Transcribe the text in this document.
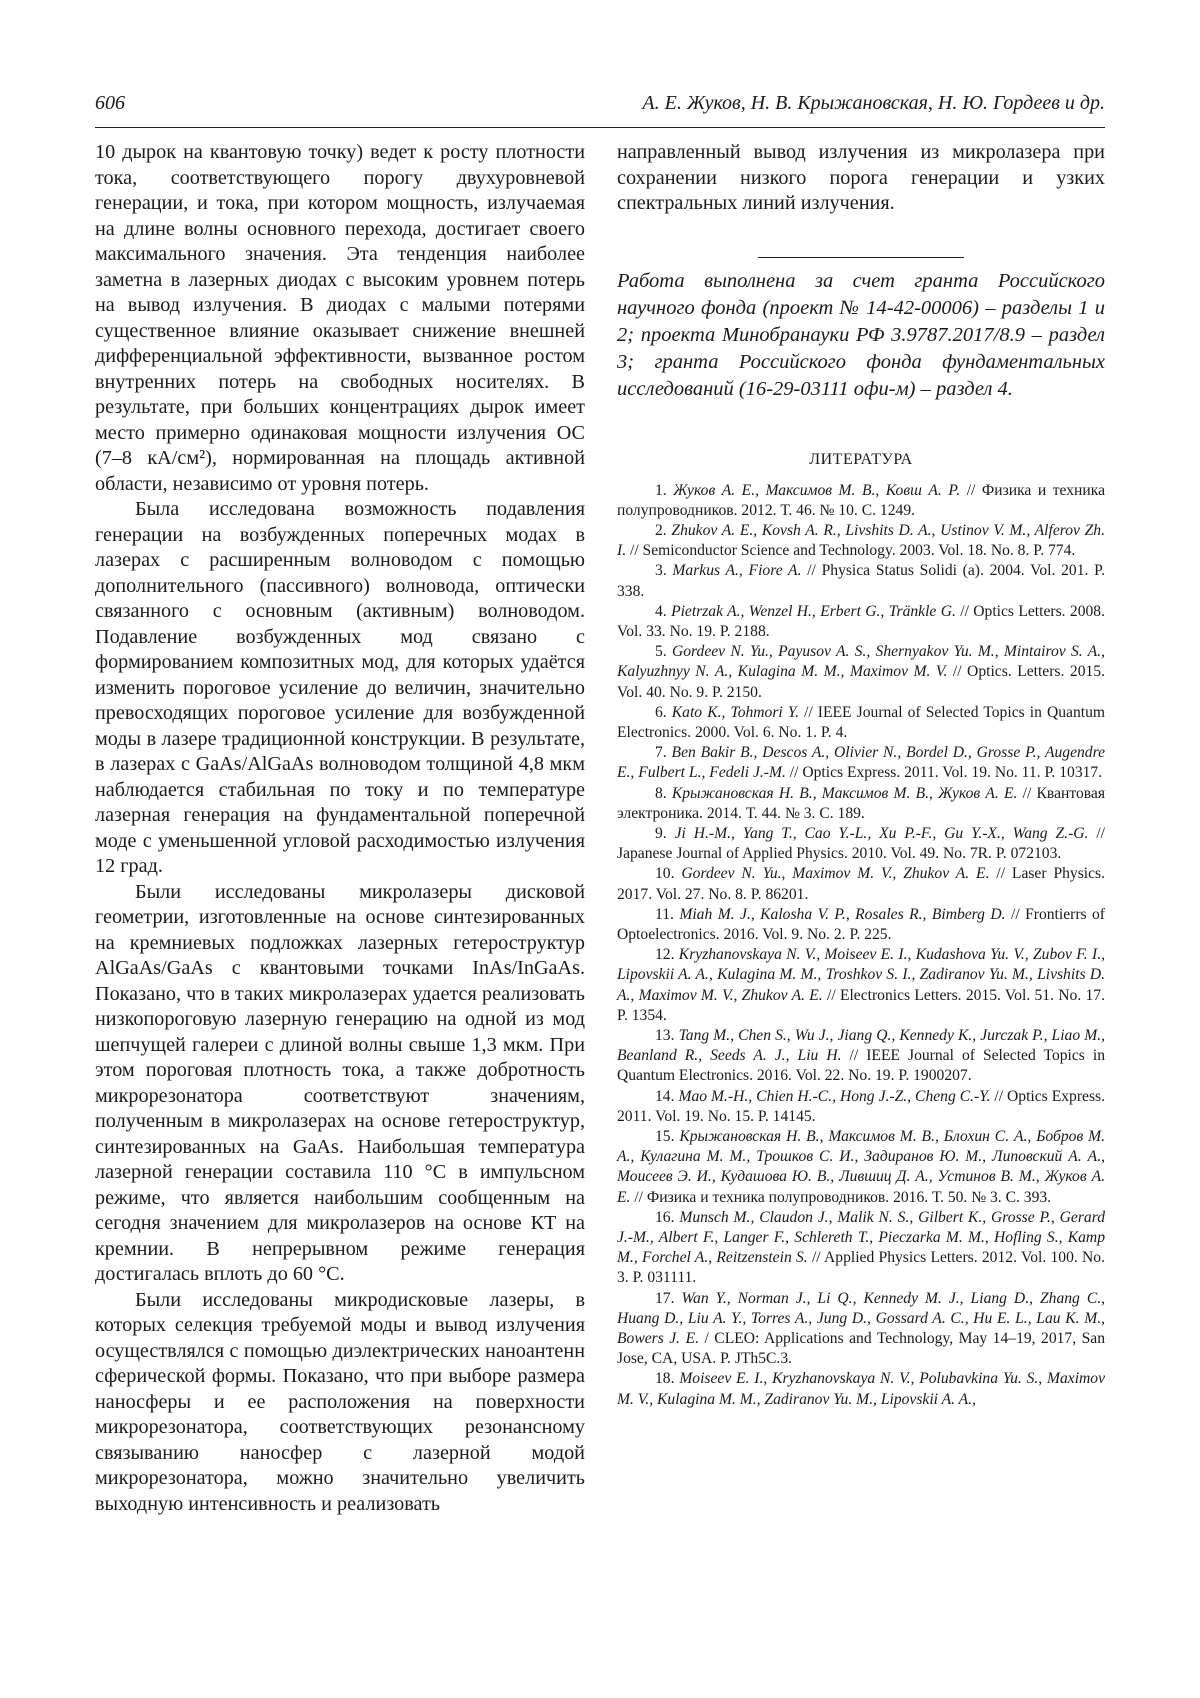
606	А. Е. Жуков, Н. В. Крыжановская, Н. Ю. Гордеев и др.

10 дырок на квантовую точку) ведет к росту плотности тока, соответствующего порогу двухуровневой генерации, и тока, при котором мощность, излучаемая на длине волны основного перехода, достигает своего максимального значения. Эта тенденция наиболее заметна в лазерных диодах с высоким уровнем потерь на вывод излучения. В диодах с малыми потерями существенное влияние оказывает снижение внешней дифференциальной эффективности, вызванное ростом внутренних потерь на свободных носителях. В результате, при больших концентрациях дырок имеет место примерно одинаковая мощности излучения ОС (7–8 кА/см²), нормированная на площадь активной области, независимо от уровня потерь.

Была исследована возможность подавления генерации на возбужденных поперечных модах в лазерах с расширенным волноводом с помощью дополнительного (пассивного) волновода, оптически связанного с основным (активным) волноводом. Подавление возбужденных мод связано с формированием композитных мод, для которых удаётся изменить пороговое усиление до величин, значительно превосходящих пороговое усиление для возбужденной моды в лазере традиционной конструкции. В результате, в лазерах с GaAs/AlGaAs волноводом толщиной 4,8 мкм наблюдается стабильная по току и по температуре лазерная генерация на фундаментальной поперечной моде с уменьшенной угловой расходимостью излучения 12 град.

Были исследованы микролазеры дисковой геометрии, изготовленные на основе синтезированных на кремниевых подложках лазерных гетероструктур AlGaAs/GaAs с квантовыми точками InAs/InGaAs. Показано, что в таких микролазерах удается реализовать низкопороговую лазерную генерацию на одной из мод шепчущей галереи с длиной волны свыше 1,3 мкм. При этом пороговая плотность тока, а также добротность микрорезонатора соответствуют значениям, полученным в микролазерах на основе гетероструктур, синтезированных на GaAs. Наибольшая температура лазерной генерации составила 110 °С в импульсном режиме, что является наибольшим сообщенным на сегодня значением для микролазеров на основе КТ на кремнии. В непрерывном режиме генерация достигалась вплоть до 60 °С.

Были исследованы микродисковые лазеры, в которых селекция требуемой моды и вывод излучения осуществлялся с помощью диэлектрических наноантенн сферической формы. Показано, что при выборе размера наносферы и ее расположения на поверхности микрорезонатора, соответствующих резонансному связыванию наносфер с лазерной модой микрорезонатора, можно значительно увеличить выходную интенсивность и реализовать

направленный вывод излучения из микролазера при сохранении низкого порога генерации и узких спектральных линий излучения.

Работа выполнена за счет гранта Российского научного фонда (проект № 14-42-00006) – разделы 1 и 2; проекта Минобранауки РФ 3.9787.2017/8.9 – раздел 3; гранта Российского фонда фундаментальных исследований (16-29-03111 офи-м) – раздел 4.

ЛИТЕРАТУРА
1. Жуков А. Е., Максимов М. В., Ковш А. Р. // Физика и техника полупроводников. 2012. Т. 46. № 10. С. 1249.
2. Zhukov A. E., Kovsh A. R., Livshits D. A., Ustinov V. M., Alferov Zh. I. // Semiconductor Science and Technology. 2003. Vol. 18. No. 8. P. 774.
3. Markus A., Fiore A. // Physica Status Solidi (a). 2004. Vol. 201. P. 338.
4. Pietrzak A., Wenzel H., Erbert G., Tränkle G. // Optics Letters. 2008. Vol. 33. No. 19. P. 2188.
5. Gordeev N. Yu., Payusov A. S., Shernyakov Yu. M., Mintairov S. A., Kalyuzhnyy N. A., Kulagina M. M., Maximov M. V. // Optics. Letters. 2015. Vol. 40. No. 9. P. 2150.
6. Kato K., Tohmori Y. // IEEE Journal of Selected Topics in Quantum Electronics. 2000. Vol. 6. No. 1. P. 4.
7. Ben Bakir B., Descos A., Olivier N., Bordel D., Grosse P., Augendre E., Fulbert L., Fedeli J.-M. // Optics Express. 2011. Vol. 19. No. 11. P. 10317.
8. Крыжановская Н. В., Максимов М. В., Жуков А. Е. // Квантовая электроника. 2014. Т. 44. № 3. С. 189.
9. Ji H.-M., Yang T., Cao Y.-L., Xu P.-F., Gu Y.-X., Wang Z.-G. // Japanese Journal of Applied Physics. 2010. Vol. 49. No. 7R. P. 072103.
10. Gordeev N. Yu., Maximov M. V., Zhukov A. E. // Laser Physics. 2017. Vol. 27. No. 8. P. 86201.
11. Miah M. J., Kalosha V. P., Rosales R., Bimberg D. // Frontierrs of Optoelectronics. 2016. Vol. 9. No. 2. P. 225.
12. Kryzhanovskaya N. V., Moiseev E. I., Kudashova Yu. V., Zubov F. I., Lipovskii A. A., Kulagina M. M., Troshkov S. I., Zadiranov Yu. M., Livshits D. A., Maximov M. V., Zhukov A. E. // Electronics Letters. 2015. Vol. 51. No. 17. P. 1354.
13. Tang M., Chen S., Wu J., Jiang Q., Kennedy K., Jurczak P., Liao M., Beanland R., Seeds A. J., Liu H. // IEEE Journal of Selected Topics in Quantum Electronics. 2016. Vol. 22. No. 19. P. 1900207.
14. Mao M.-H., Chien H.-C., Hong J.-Z., Cheng C.-Y. // Optics Express. 2011. Vol. 19. No. 15. P. 14145.
15. Крыжановская Н. В., Максимов М. В., Блохин С. А., Бобров М. А., Кулагина М. М., Трошков С. И., Задиранов Ю. М., Липовский А. А., Моисеев Э. И., Кудашова Ю. В., Лившиц Д. А., Устинов В. М., Жуков А. Е. // Физика и техника полупроводников. 2016. Т. 50. № 3. С. 393.
16. Munsch M., Claudon J., Malik N. S., Gilbert K., Grosse P., Gerard J.-M., Albert F., Langer F., Schlereth T., Pieczarka M. M., Hofling S., Kamp M., Forchel A., Reitzenstein S. // Applied Physics Letters. 2012. Vol. 100. No. 3. P. 031111.
17. Wan Y., Norman J., Li Q., Kennedy M. J., Liang D., Zhang C., Huang D., Liu A. Y., Torres A., Jung D., Gossard A. C., Hu E. L., Lau K. M., Bowers J. E. / CLEO: Applications and Technology, May 14–19, 2017, San Jose, CA, USA. P. JTh5C.3.
18. Moiseev E. I., Kryzhanovskaya N. V., Polubavkina Yu. S., Maximov M. V., Kulagina M. M., Zadiranov Yu. M., Lipovskii A. A.,
